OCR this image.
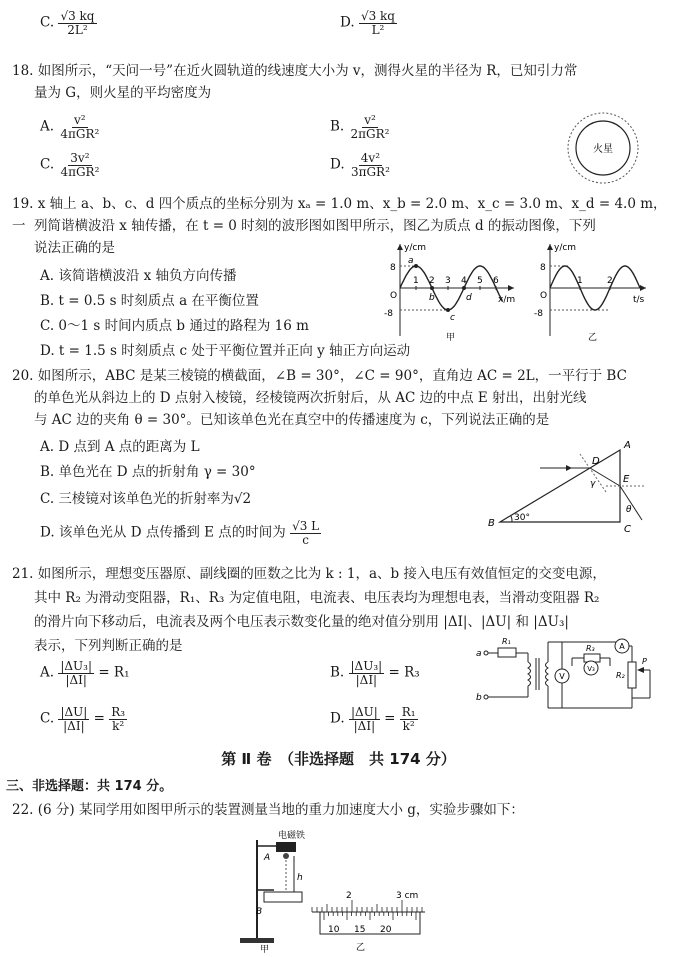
C. $\frac{√3 kq}{\text{2L²}}$	D. $\frac{√3 kq}{\text{L²}}$
18. 如图所示，“天问一号”在近火圆轨道的线速度大小为 v，测得火星的半径为 R，已知引力常
量为 G，则火星的平均密度为
A. $\frac{\text{v²}}{\text{4πGR²}}$	B. $\frac{\text{v²}}{\text{2πGR²}}$
C. $\frac{\text{3v²}}{\text{4πGR²}}$	D. $\frac{\text{4v²}}{\text{3πGR²}}$
火星
19. x 轴上 a、b、c、d 四个质点的坐标分别为 xₐ = 1.0 m、x_b = 2.0 m、x_c = 3.0 m、x_d = 4.0 m，一 列简谐横波沿 x 轴传播，在 t = 0 时刻的波形图如图甲所示，图乙为质点 d 的振动图像，下列
说法正确的是
A. 该简谐横波沿 x 轴负方向传播
B. t = 0.5 s 时刻质点 a 在平衡位置
C. 0～1 s 时间内质点 b 通过的路程为 16 m
D. t = 1.5 s 时刻质点 c 处于平衡位置并正向 y 轴正方向运动
y/cm
x/m
8
-8
O
1 2 3 4 5 6
a
b
c
d
甲
y/cm
t/s
8
-8
O
1	2
乙
20. 如图所示，ABC 是某三棱镜的横截面，∠B = 30°，∠C = 90°，直角边 AC = 2L，一平行于 BC
的单色光从斜边上的 D 点射入棱镜，经棱镜两次折射后，从 AC 边的中点 E 射出，出射光线
与 AC 边的夹角 θ = 30°。已知该单色光在真空中的传播速度为 c，下列说法正确的是
A. D 点到 A 点的距离为 L
B. 单色光在 D 点的折射角 γ = 30°
C. 三棱镜对该单色光的折射率为√2
D. 该单色光从 D 点传播到 E 点的时间为 $\frac{√3 L}{c}$
A
B
C
D
E
γ
θ
30°
21. 如图所示，理想变压器原、副线圈的匝数之比为 k : 1，a、b 接入电压有效值恒定的交变电源，
其中 R₂ 为滑动变阻器，R₁、R₃ 为定值电阻，电流表、电压表均为理想电表，当滑动变阻器 R₂
的滑片向下移动后，电流表及两个电压表示数变化量的绝对值分别用 |ΔI|、|ΔU| 和 |ΔU₃|
表示，下列判断正确的是
A. $\frac{\text{|ΔU₃|}}{|\Delta I|} = R_1$	B. $\frac{\text{|ΔU₃|}}{|\Delta I|} = R_3$
C. $\frac{|\Delta U|}{|\Delta I|} = \frac{\text{R₃}}{\text{k²}}$	D. $\frac{|\Delta U|}{|\Delta I|} = \frac{\text{R₁}}{\text{k²}}$
a
b
R₁
V
R₃
V₃
A
R₂
P
第 Ⅱ 卷　（非选择题　共 174 分）
三、非选择题：共 174 分。
22. (6 分) 某同学用如图甲所示的装置测量当地的重力加速度大小 g，实验步骤如下：
电磁铁
A
h
B
甲
2	3 cm
10 15 20
乙
